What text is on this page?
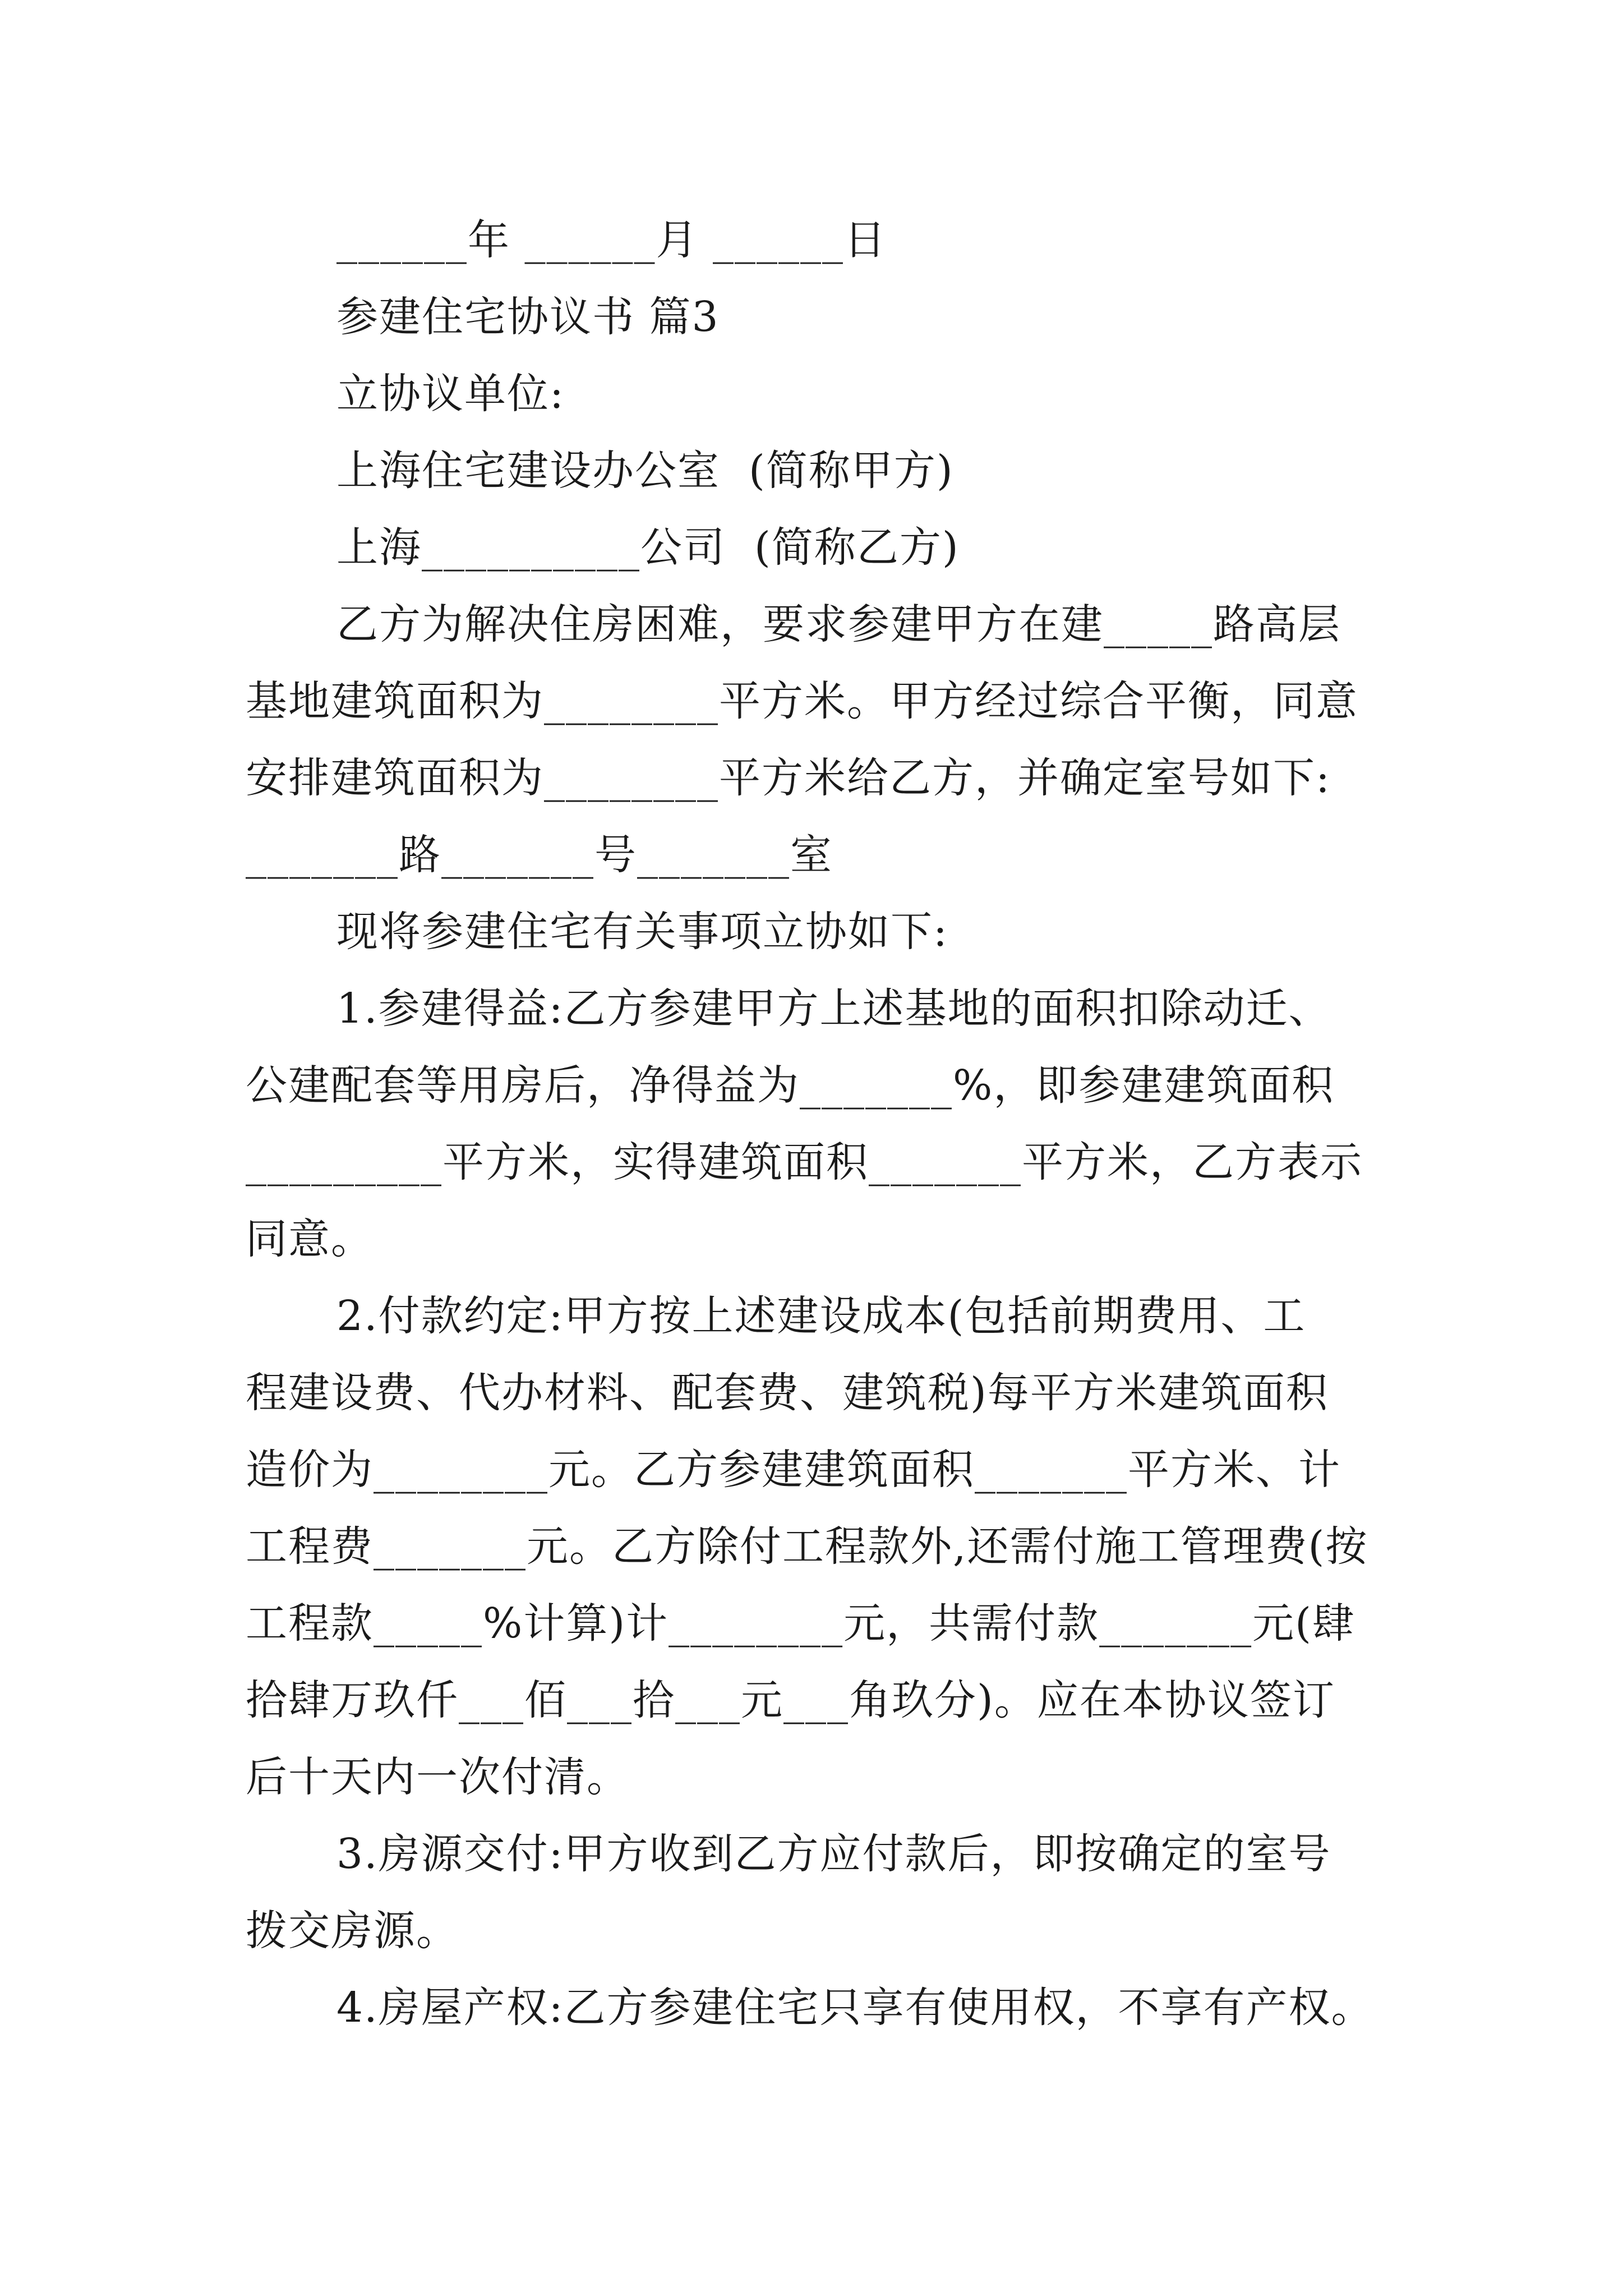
______年 ______月 ______日
参建住宅协议书 篇3
立协议单位:
上海住宅建设办公室  (简称甲方)
上海__________公司  (简称乙方)
乙方为解决住房困难，要求参建甲方在建_____路高层
基地建筑面积为________平方米。甲方经过综合平衡，同意
安排建筑面积为________平方米给乙方，并确定室号如下:
_______路_______号_______室
现将参建住宅有关事项立协如下:
1.参建得益:乙方参建甲方上述基地的面积扣除动迁、
公建配套等用房后，净得益为_______%，即参建建筑面积
_________平方米，实得建筑面积_______平方米，乙方表示
同意。
2.付款约定:甲方按上述建设成本(包括前期费用、工
程建设费、代办材料、配套费、建筑税)每平方米建筑面积
造价为________元。乙方参建建筑面积_______平方米、计
工程费_______元。乙方除付工程款外,还需付施工管理费(按
工程款_____%计算)计________元，共需付款_______元(肆
拾肆万玖仟___佰___拾___元___角玖分)。应在本协议签订
后十天内一次付清。
3.房源交付:甲方收到乙方应付款后，即按确定的室号
拨交房源。
4.房屋产权:乙方参建住宅只享有使用权，不享有产权。
